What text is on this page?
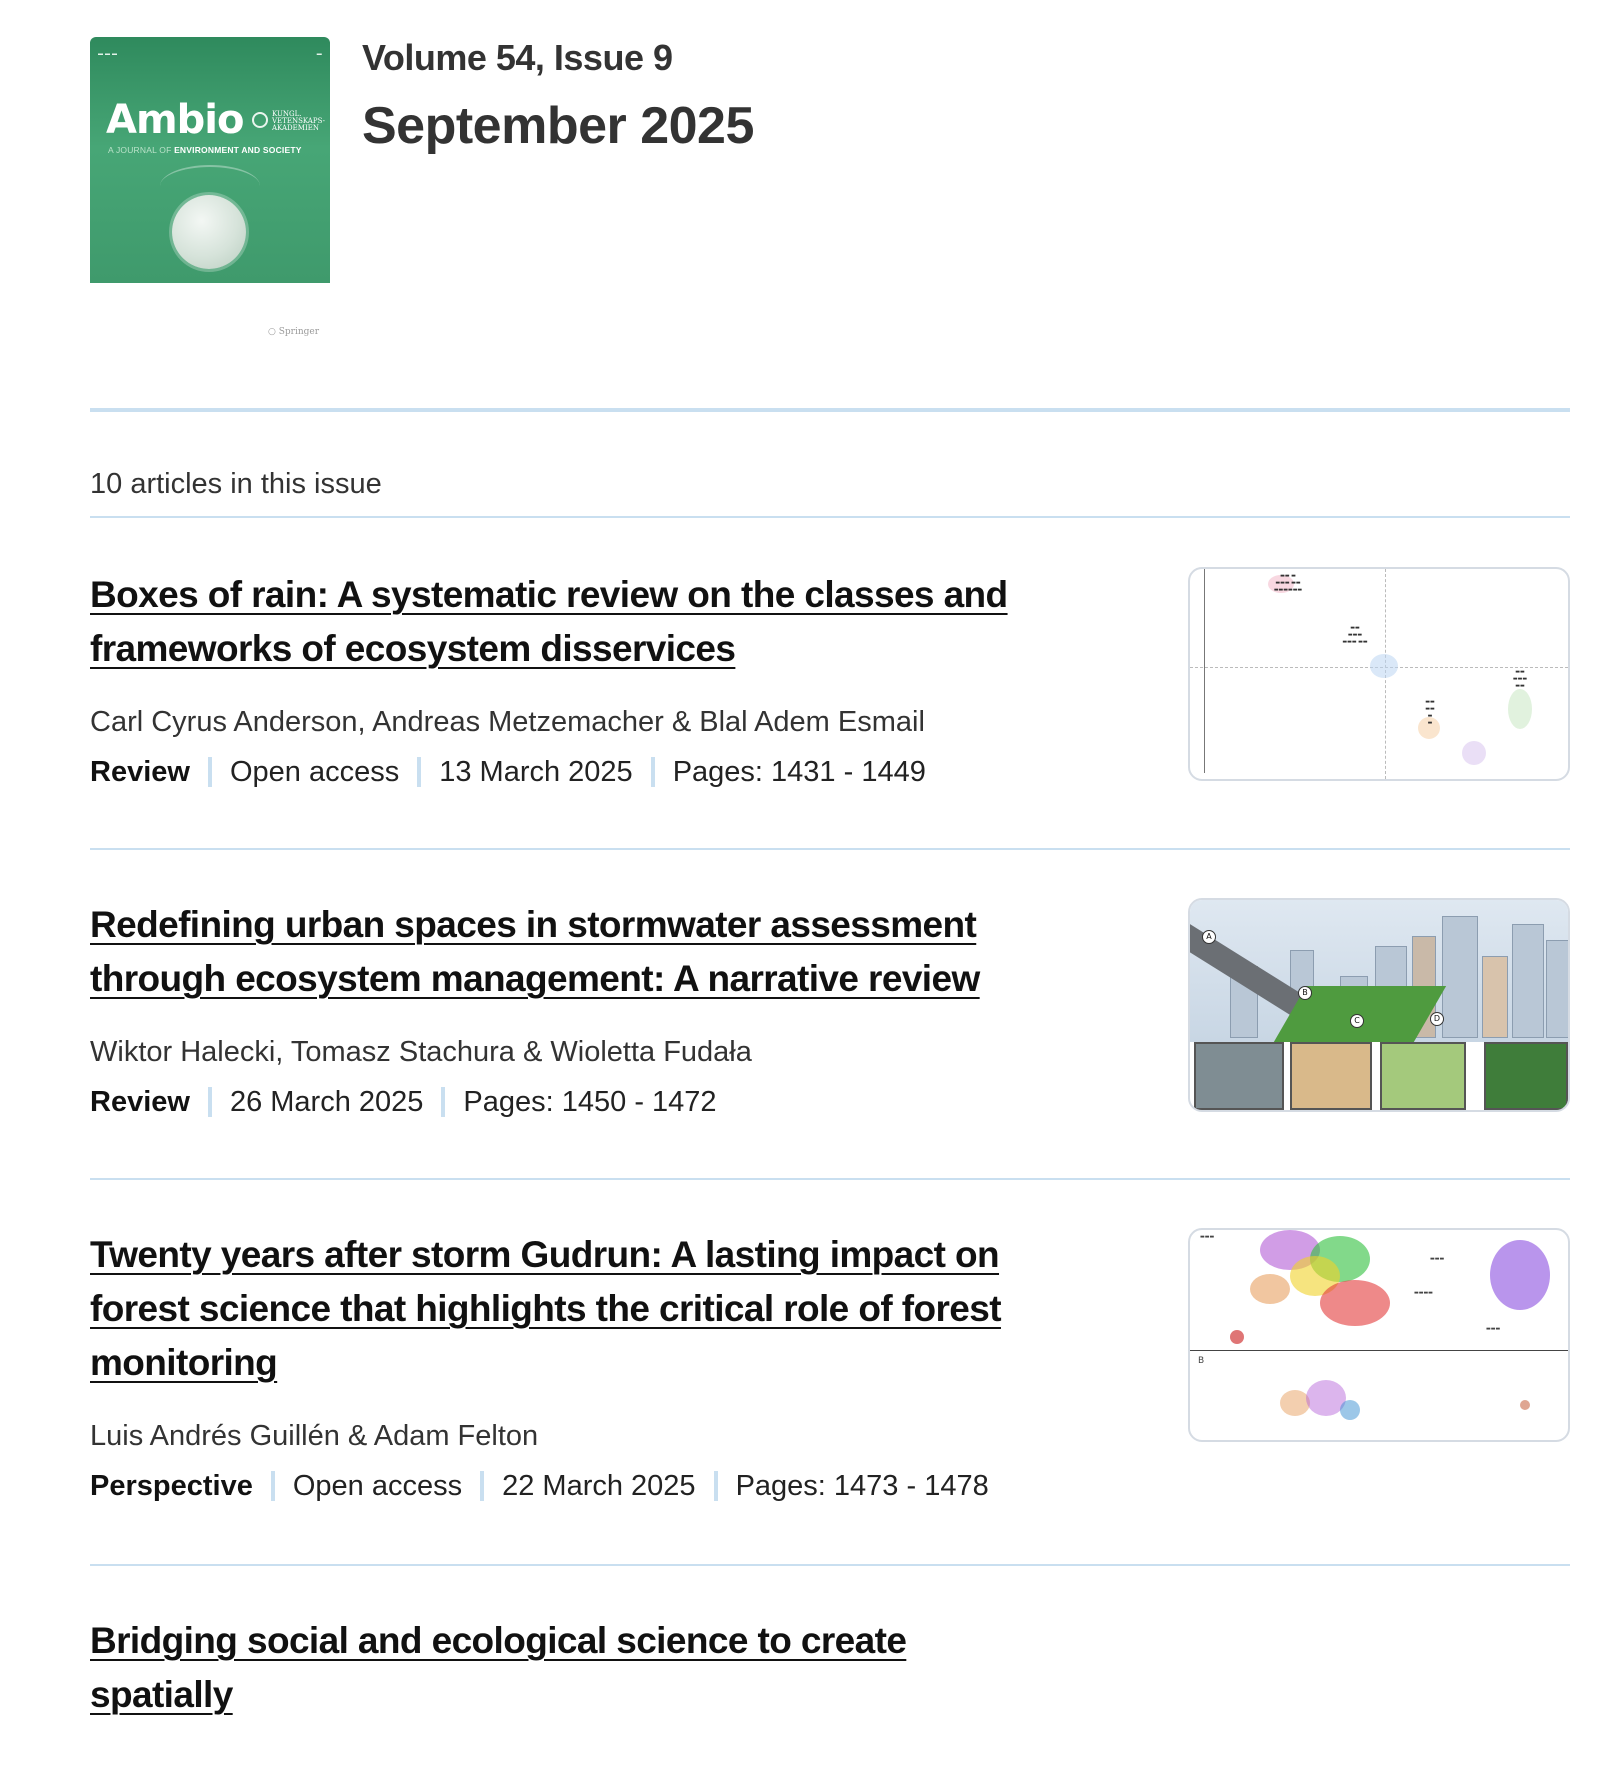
▬ ▬ ▬	▬
Ambio	KUNGL. VETENSKAPS-AKADEMIEN
A JOURNAL OF ENVIRONMENT AND SOCIETY
○ Springer
Volume 54, Issue 9
September 2025
10 articles in this issue
Boxes of rain: A systematic review on the classes and frameworks of ecosystem disservices
Carl Cyrus Anderson, Andreas Metzemacher & Blal Adem Esmail
Review Open access 13 March 2025 Pages: 1431 - 1449
▬▬ ▬
▬▬▬ ▬▬
▬▬▬▬▬▬
▬▬
▬▬▬
▬▬▬ ▬▬
▬▬
▬▬
▬
▬
▬▬
▬▬▬
▬▬
Redefining urban spaces in stormwater assessment through ecosystem management: A narrative review
Wiktor Halecki, Tomasz Stachura & Wioletta Fudała
Review 26 March 2025 Pages: 1450 - 1472
A
B
C	D
Twenty years after storm Gudrun: A lasting impact on forest science that highlights the critical role of forest monitoring
Luis Andrés Guillén & Adam Felton
Perspective Open access 22 March 2025 Pages: 1473 - 1478
▬▬▬
▬▬▬
▬▬▬▬
▬▬▬
B
Bridging social and ecological science to create spatially
